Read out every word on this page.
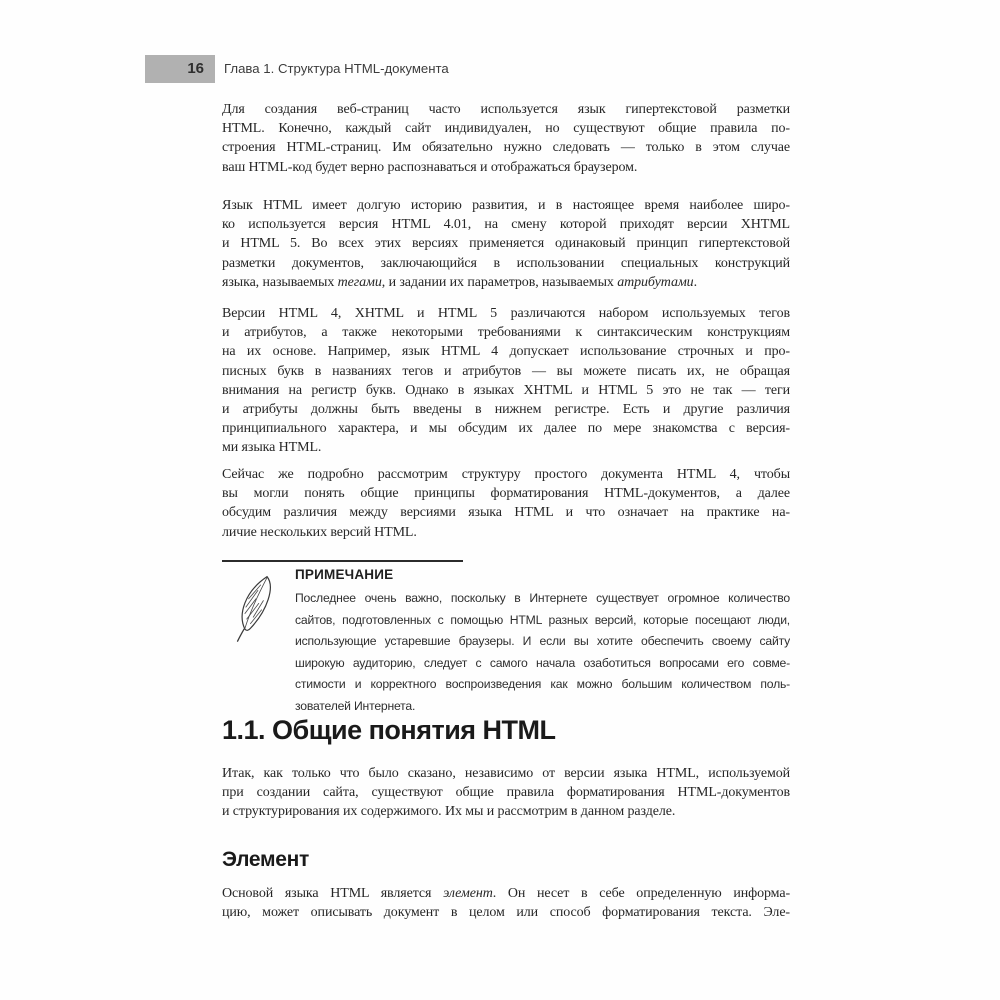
16	Глава 1. Структура HTML-документа
Для создания веб-страниц часто используется язык гипертекстовой разметки
HTML. Конечно, каждый сайт индивидуален, но существуют общие правила по-
строения HTML-страниц. Им обязательно нужно следовать — только в этом случае
ваш HTML-код будет верно распознаваться и отображаться браузером.
Язык HTML имеет долгую историю развития, и в настоящее время наиболее широ-
ко используется версия HTML 4.01, на смену которой приходят версии XHTML
и HTML 5. Во всех этих версиях применяется одинаковый принцип гипертекстовой
разметки документов, заключающийся в использовании специальных конструкций
языка, называемых тегами, и задании их параметров, называемых атрибутами.
Версии HTML 4, XHTML и HTML 5 различаются набором используемых тегов
и атрибутов, а также некоторыми требованиями к синтаксическим конструкциям
на их основе. Например, язык HTML 4 допускает использование строчных и про-
писных букв в названиях тегов и атрибутов — вы можете писать их, не обращая
внимания на регистр букв. Однако в языках XHTML и HTML 5 это не так — теги
и атрибуты должны быть введены в нижнем регистре. Есть и другие различия
принципиального характера, и мы обсудим их далее по мере знакомства с версия-
ми языка HTML.
Сейчас же подробно рассмотрим структуру простого документа HTML 4, чтобы
вы могли понять общие принципы форматирования HTML-документов, а далее
обсудим различия между версиями языка HTML и что означает на практике на-
личие нескольких версий HTML.
ПРИМЕЧАНИЕ
Последнее очень важно, поскольку в Интернете существует огромное количество
сайтов, подготовленных с помощью HTML разных версий, которые посещают люди,
использующие устаревшие браузеры. И если вы хотите обеспечить своему сайту
широкую аудиторию, следует с самого начала озаботиться вопросами его совме-
стимости и корректного воспроизведения как можно большим количеством поль-
зователей Интернета.
1.1. Общие понятия HTML
Итак, как только что было сказано, независимо от версии языка HTML, используемой
при создании сайта, существуют общие правила форматирования HTML-документов
и структурирования их содержимого. Их мы и рассмотрим в данном разделе.
Элемент
Основой языка HTML является элемент. Он несет в себе определенную информа-
цию, может описывать документ в целом или способ форматирования текста. Эле-
